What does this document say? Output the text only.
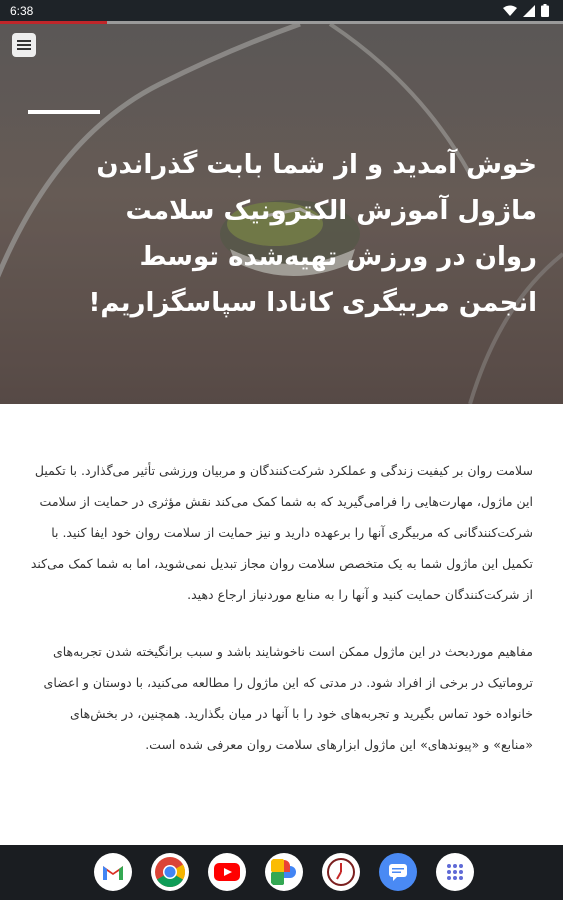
6:38
خوش آمدید و از شما بابت گذراندن ماژول آموزش الکترونیک سلامت روان در ورزش تهیه‌شده توسط انجمن مربیگری کانادا سپاسگزاریم!

سلامت روان بر کیفیت زندگی و عملکرد شرکت‌کنندگان و مربیان ورزشی تأثیر می‌گذارد. با تکمیل این ماژول، مهارت‌هایی را فرامی‌گیرید که به شما کمک می‌کند نقش مؤثری در حمایت از سلامت شرکت‌کنندگانی که مربیگری آنها را برعهده دارید و نیز حمایت از سلامت روان خود ایفا کنید. با تکمیل این ماژول شما به یک متخصص سلامت روان مجاز تبدیل نمی‌شوید، اما به شما کمک می‌کند از شرکت‌کنندگان حمایت کنید و آنها را به منابع موردنیاز ارجاع دهید.

مفاهیم موردبحث در این ماژول ممکن است ناخوشایند باشد و سبب برانگیخته شدن تجربه‌های تروماتیک در برخی از افراد شود. در مدتی که این ماژول را مطالعه می‌کنید، با دوستان و اعضای خانواده خود تماس بگیرید و تجربه‌های خود را با آنها در میان بگذارید. همچنین، در بخش‌های «منابع» و «پیوندهای» این ماژول ابزارهای سلامت روان معرفی شده است.
